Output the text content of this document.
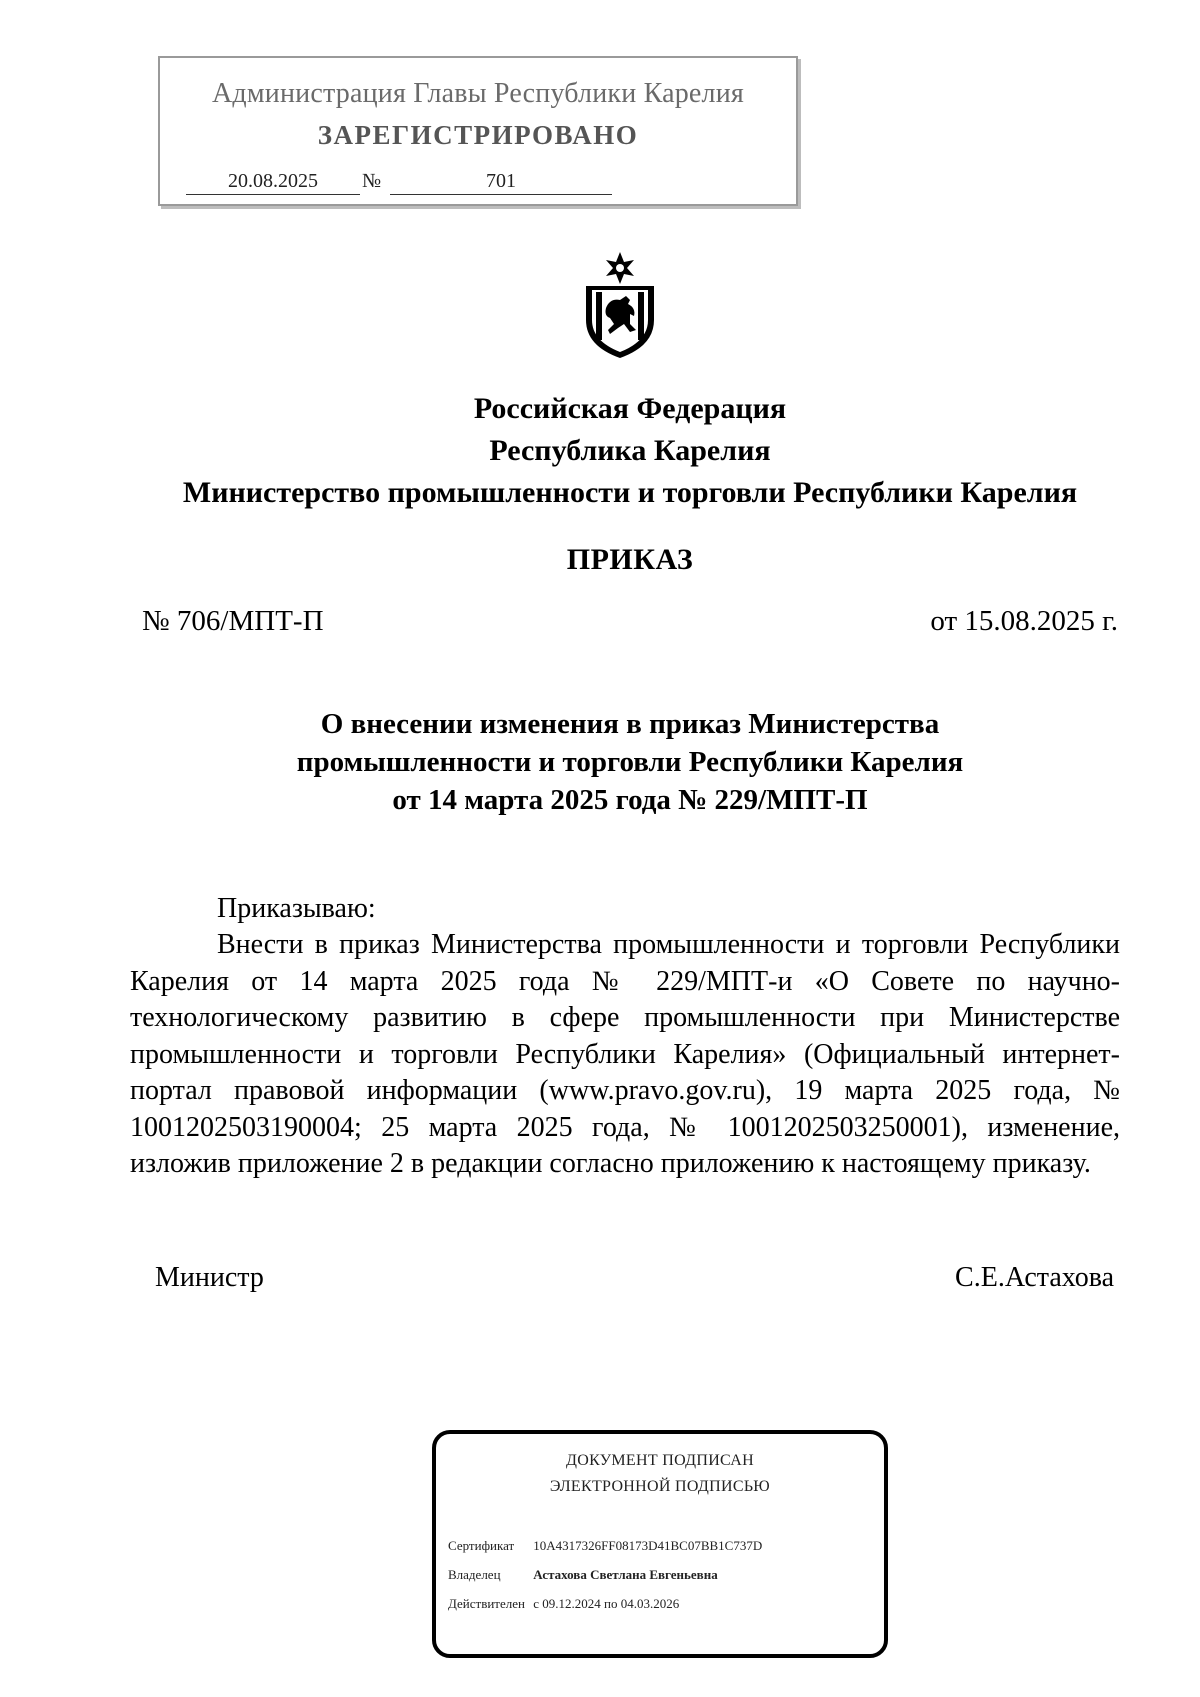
Администрация Главы Республики Карелия
ЗАРЕГИСТРИРОВАНО
20.08.2025	№	701
Российская Федерация
Республика Карелия
Министерство промышленности и торговли Республики Карелия
ПРИКАЗ
№ 706/МПТ-П	от 15.08.2025 г.
О внесении изменения в приказ Министерства
промышленности и торговли Республики Карелия
от 14 марта 2025 года № 229/МПТ-П
Приказываю:
Внести в приказ Министерства промышленности и торговли Республики Карелия от 14 марта 2025 года № 229/МПТ-и «О Совете по научно-технологическому развитию в сфере промышленности при Министерстве промышленности и торговли Республики Карелия» (Официальный интернет-портал правовой информации (www.pravo.gov.ru), 19 марта 2025 года, № 1001202503190004; 25 марта 2025 года, № 1001202503250001), изменение, изложив приложение 2 в редакции согласно приложению к настоящему приказу.
Министр	С.Е.Астахова
ДОКУМЕНТ ПОДПИСАН
ЭЛЕКТРОННОЙ ПОДПИСЬЮ
Сертификат 10A4317326FF08173D41BC07BB1C737D
Владелец	Астахова Светлана Евгеньевна
Действителен с 09.12.2024 по 04.03.2026
